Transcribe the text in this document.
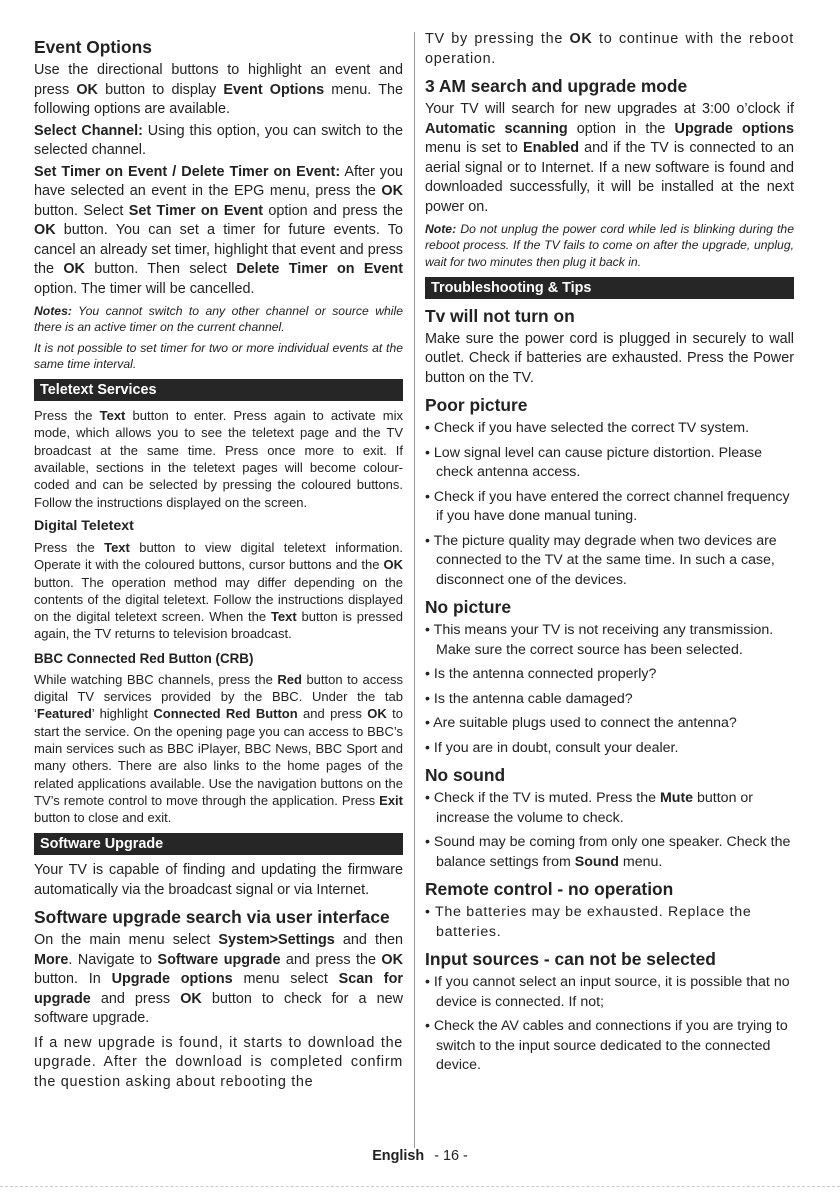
Event Options

Use the directional buttons to highlight an event and press OK button to display Event Options menu. The following options are available.

Select Channel: Using this option, you can switch to the selected channel.

Set Timer on Event / Delete Timer on Event: After you have selected an event in the EPG menu, press the OK button. Select Set Timer on Event option and press the OK button. You can set a timer for future events. To cancel an already set timer, highlight that event and press the OK button. Then select Delete Timer on Event option. The timer will be cancelled.

Notes: You cannot switch to any other channel or source while there is an active timer on the current channel.

It is not possible to set timer for two or more individual events at the same time interval.

Teletext Services

Press the Text button to enter. Press again to activate mix mode, which allows you to see the teletext page and the TV broadcast at the same time. Press once more to exit. If available, sections in the teletext pages will become colour-coded and can be selected by pressing the coloured buttons. Follow the instructions displayed on the screen.

Digital Teletext

Press the Text button to view digital teletext information. Operate it with the coloured buttons, cursor buttons and the OK button. The operation method may differ depending on the contents of the digital teletext. Follow the instructions displayed on the digital teletext screen. When the Text button is pressed again, the TV returns to television broadcast.

BBC Connected Red Button (CRB)

While watching BBC channels, press the Red button to access digital TV services provided by the BBC. Under the tab ‘Featured’ highlight Connected Red Button and press OK to start the service. On the opening page you can access to BBC’s main services such as BBC iPlayer, BBC News, BBC Sport and many others. There are also links to the home pages of the related applications available. Use the navigation buttons on the TV’s remote control to move through the application. Press Exit button to close and exit.

Software Upgrade

Your TV is capable of finding and updating the firmware automatically via the broadcast signal or via Internet.

Software upgrade search via user interface

On the main menu select System>Settings and then More. Navigate to Software upgrade and press the OK button. In Upgrade options menu select Scan for upgrade and press OK button to check for a new software upgrade.

If a new upgrade is found, it starts to download the upgrade. After the download is completed confirm the question asking about rebooting the

TV by pressing the OK to continue with the reboot operation.

3 AM search and upgrade mode

Your TV will search for new upgrades at 3:00 o’clock if Automatic scanning option in the Upgrade options menu is set to Enabled and if the TV is connected to an aerial signal or to Internet. If a new software is found and downloaded successfully, it will be installed at the next power on.

Note: Do not unplug the power cord while led is blinking during the reboot process. If the TV fails to come on after the upgrade, unplug, wait for two minutes then plug it back in.

Troubleshooting & Tips
Tv will not turn on

Make sure the power cord is plugged in securely to wall outlet. Check if batteries are exhausted. Press the Power button on the TV.

Poor picture
• Check if you have selected the correct TV system.
• Low signal level can cause picture distortion. Please check antenna access.
• Check if you have entered the correct channel frequency if you have done manual tuning.
• The picture quality may degrade when two devices are connected to the TV at the same time. In such a case, disconnect one of the devices.
No picture
• This means your TV is not receiving any transmission. Make sure the correct source has been selected.
• Is the antenna connected properly?
• Is the antenna cable damaged?
• Are suitable plugs used to connect the antenna?
• If you are in doubt, consult your dealer.
No sound
• Check if the TV is muted. Press the Mute button or increase the volume to check.
• Sound may be coming from only one speaker. Check the balance settings from Sound menu.
Remote control - no operation
• The batteries may be exhausted. Replace the batteries.
Input sources - can not be selected
• If you cannot select an input source, it is possible that no device is connected. If not;
• Check the AV cables and connections if you are trying to switch to the input source dedicated to the connected device.
English - 16 -
